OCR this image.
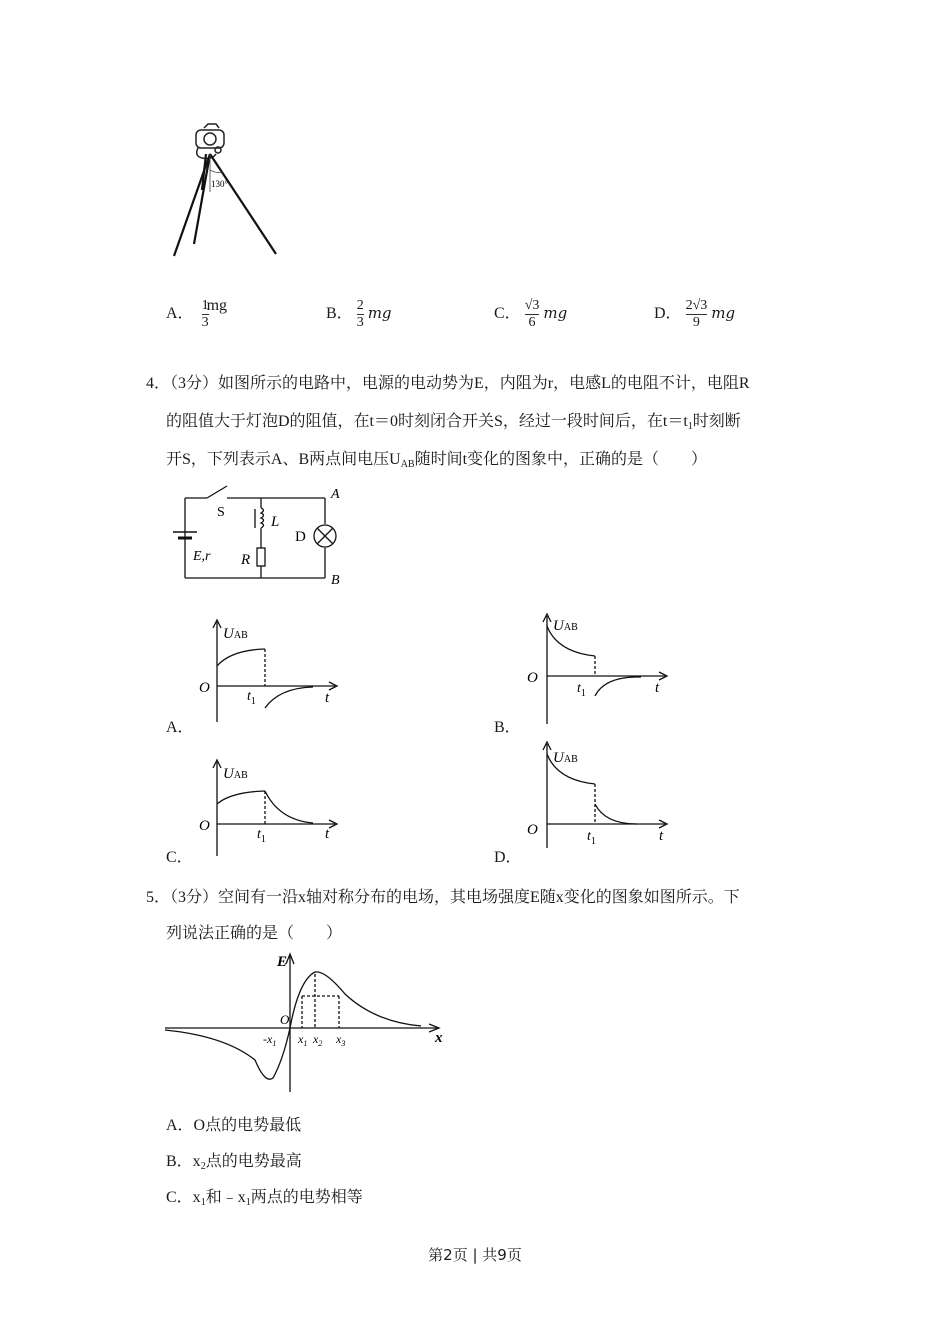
130°
A． $\frac{1}{3}$
mg	B． $\frac{2}{3}$ mg	C． $\frac{√3}{6}$ mg	D． $\frac{2√3}{9}$ mg
4．（3分）如图所示的电路中，电源的电动势为E，内阻为r，电感L的电阻不计，电阻R
的阻值大于灯泡D的阻值，在t＝0时刻闭合开关S，经过一段时间后，在$t=t_1$时刻断
开S，下列表示A、B两点间电压$U_{AB}$随时间t变化的图象中，正确的是（　　）
S
L
R
D
E,r
A
B
UAB
O
$t_1$	t
A．
UAB
O
$t_1$	t
B．
UAB
O
$t_1$	t
C．
UAB
O	$t_1$	t
D．
5．（3分）空间有一沿x轴对称分布的电场，其电场强度E随x变化的图象如图所示。下
列说法正确的是（　　）
E
x
O
$-x_1$ $x_1$ $x_2$ $x_3$
A．O点的电势最低
B．$x_2$点的电势最高
C．$x_1$和$﹣x_1$两点的电势相等
第2页 | 共9页
